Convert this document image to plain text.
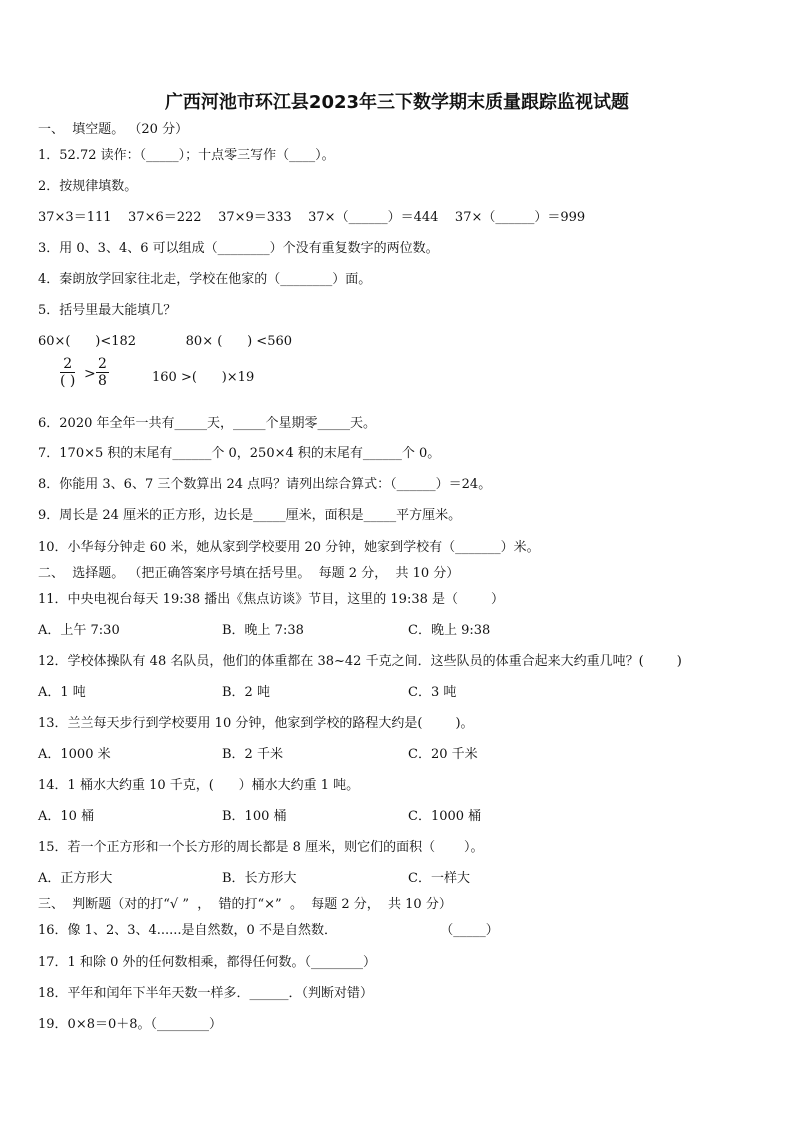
广西河池市环江县2023年三下数学期末质量跟踪监视试题
一、  填空题。 （20 分）
1．52.72 读作：（_____）；十点零三写作（____）。
2．按规律填数。
37×3＝111    37×6＝222    37×9＝333    37×（______）＝444    37×（______）＝999
3．用 0、3、4、6 可以组成（________）个没有重复数字的两位数。
4．秦朗放学回家往北走，学校在他家的（________）面。
5．括号里最大能填几？
60×(      )<182            80× (      ) <560
2
( ) > $\frac{2}{8}$	160 >(      )×19
6．2020 年全年一共有_____天，_____个星期零_____天。
7．170×5 积的末尾有______个 0，250×4 积的末尾有______个 0。
8．你能用 3、6、7 三个数算出 24 点吗？请列出综合算式：（______）＝24。
9．周长是 24 厘米的正方形，边长是_____厘米，面积是_____平方厘米。
10．小华每分钟走 60 米，她从家到学校要用 20 分钟，她家到学校有（_______）米。
二、  选择题。 （把正确答案序号填在括号里。  每题 2 分，  共 10 分）
11．中央电视台每天 19:38 播出《焦点访谈》节目，这里的 19:38 是（        ）
A．上午 7:30	B．晚上 7:38	C．晚上 9:38
12．学校体操队有 48 名队员，他们的体重都在 38~42 千克之间．这些队员的体重合起来大约重几吨？(        )
A．1 吨	B．2 吨	C．3 吨
13．兰兰每天步行到学校要用 10 分钟，他家到学校的路程大约是(        )。
A．1000 米	B．2 千米	C．20 千米
14．1 桶水大约重 10 千克，(      ）桶水大约重 1 吨。
A．10 桶	B．100 桶	C．1000 桶
15．若一个正方形和一个长方形的周长都是 8 厘米，则它们的面积（       ）。
A．正方形大	B．长方形大	C．一样大
三、  判断题（对的打“√ ”  ，  错的打“×”  。  每题 2 分，  共 10 分）
16．像 1、2、3、4......是自然数，0 不是自然数．                         （_____）
17．1 和除 0 外的任何数相乘，都得任何数。（________）
18．平年和闰年下半年天数一样多．______．（判断对错）
19．0×8＝0＋8。（________）
